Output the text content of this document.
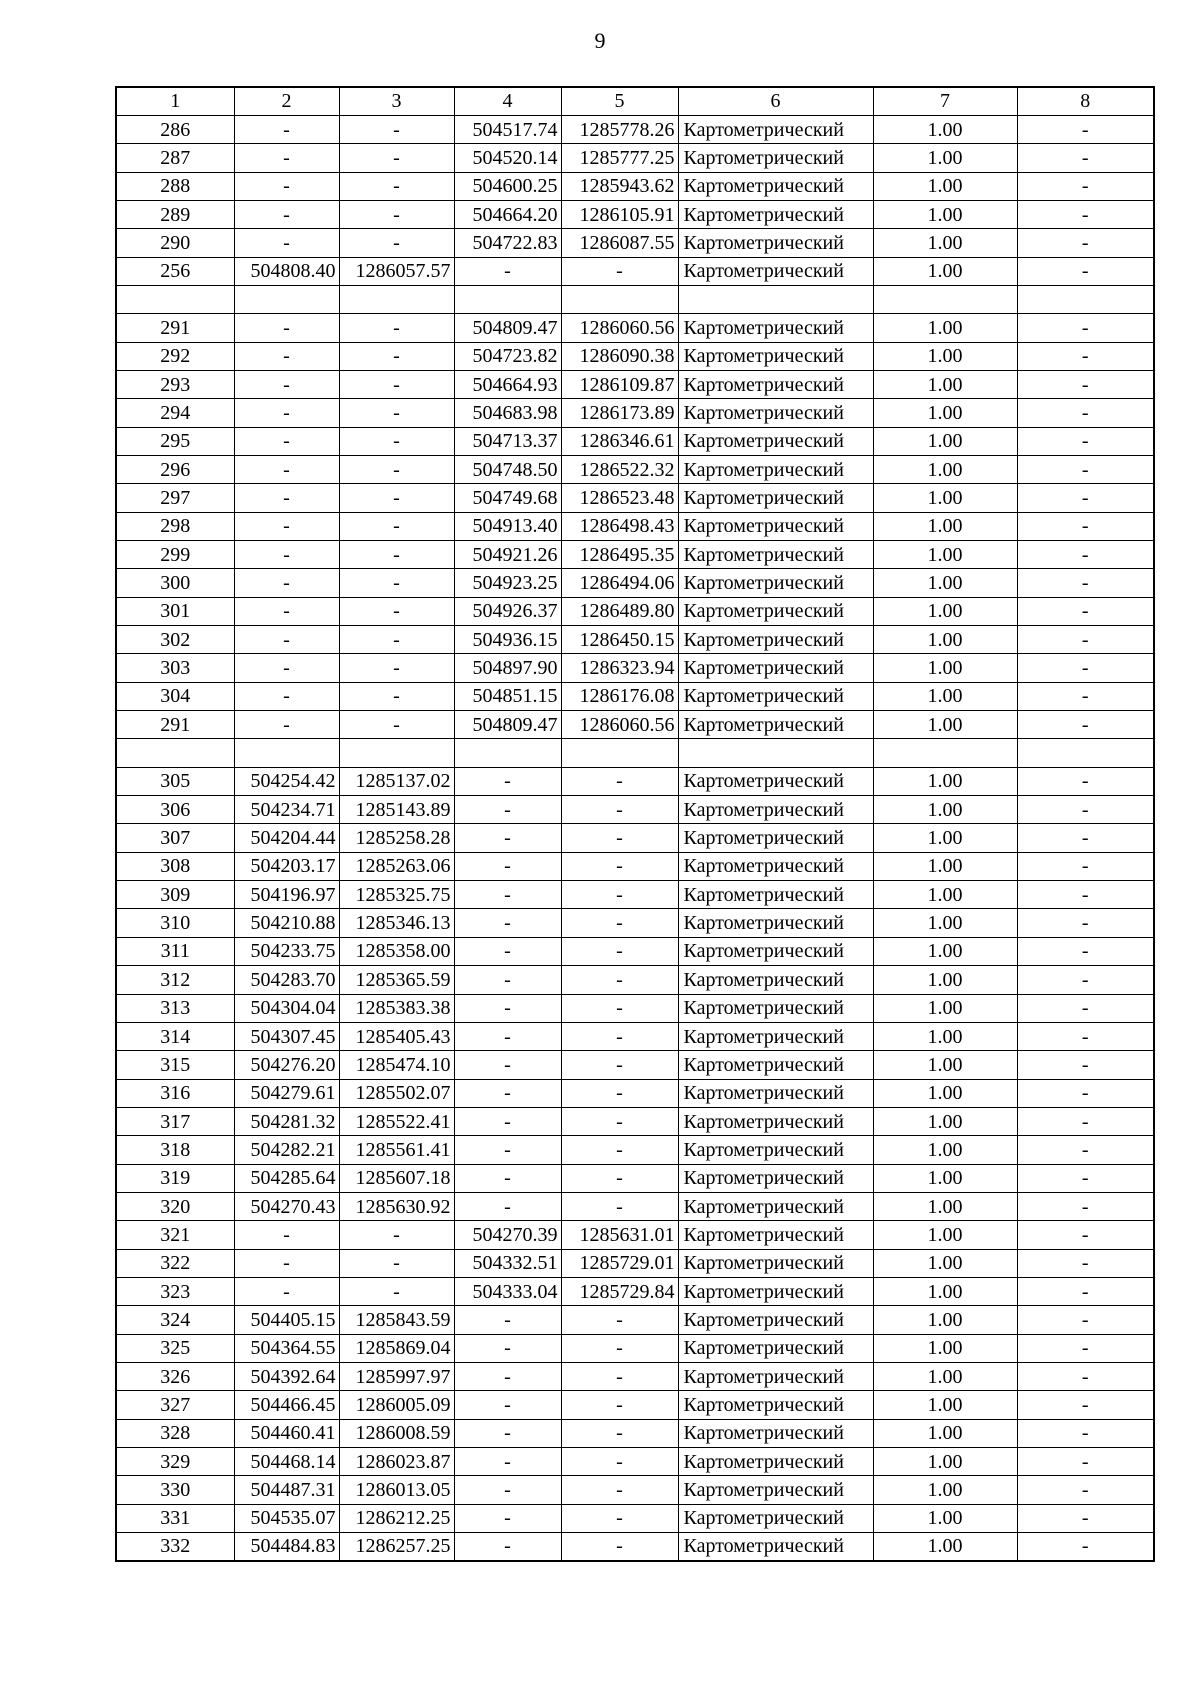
9
1	2	3	4	5	6	7	8
286	-	-	504517.74	1285778.26	Картометрический	1.00	-
287	-	-	504520.14	1285777.25	Картометрический	1.00	-
288	-	-	504600.25	1285943.62	Картометрический	1.00	-
289	-	-	504664.20	1286105.91	Картометрический	1.00	-
290	-	-	504722.83	1286087.55	Картометрический	1.00	-
256	504808.40	1286057.57	-	-	Картометрический	1.00	-

291	-	-	504809.47	1286060.56	Картометрический	1.00	-
292	-	-	504723.82	1286090.38	Картометрический	1.00	-
293	-	-	504664.93	1286109.87	Картометрический	1.00	-
294	-	-	504683.98	1286173.89	Картометрический	1.00	-
295	-	-	504713.37	1286346.61	Картометрический	1.00	-
296	-	-	504748.50	1286522.32	Картометрический	1.00	-
297	-	-	504749.68	1286523.48	Картометрический	1.00	-
298	-	-	504913.40	1286498.43	Картометрический	1.00	-
299	-	-	504921.26	1286495.35	Картометрический	1.00	-
300	-	-	504923.25	1286494.06	Картометрический	1.00	-
301	-	-	504926.37	1286489.80	Картометрический	1.00	-
302	-	-	504936.15	1286450.15	Картометрический	1.00	-
303	-	-	504897.90	1286323.94	Картометрический	1.00	-
304	-	-	504851.15	1286176.08	Картометрический	1.00	-
291	-	-	504809.47	1286060.56	Картометрический	1.00	-

305	504254.42	1285137.02	-	-	Картометрический	1.00	-
306	504234.71	1285143.89	-	-	Картометрический	1.00	-
307	504204.44	1285258.28	-	-	Картометрический	1.00	-
308	504203.17	1285263.06	-	-	Картометрический	1.00	-
309	504196.97	1285325.75	-	-	Картометрический	1.00	-
310	504210.88	1285346.13	-	-	Картометрический	1.00	-
311	504233.75	1285358.00	-	-	Картометрический	1.00	-
312	504283.70	1285365.59	-	-	Картометрический	1.00	-
313	504304.04	1285383.38	-	-	Картометрический	1.00	-
314	504307.45	1285405.43	-	-	Картометрический	1.00	-
315	504276.20	1285474.10	-	-	Картометрический	1.00	-
316	504279.61	1285502.07	-	-	Картометрический	1.00	-
317	504281.32	1285522.41	-	-	Картометрический	1.00	-
318	504282.21	1285561.41	-	-	Картометрический	1.00	-
319	504285.64	1285607.18	-	-	Картометрический	1.00	-
320	504270.43	1285630.92	-	-	Картометрический	1.00	-
321	-	-	504270.39	1285631.01	Картометрический	1.00	-
322	-	-	504332.51	1285729.01	Картометрический	1.00	-
323	-	-	504333.04	1285729.84	Картометрический	1.00	-
324	504405.15	1285843.59	-	-	Картометрический	1.00	-
325	504364.55	1285869.04	-	-	Картометрический	1.00	-
326	504392.64	1285997.97	-	-	Картометрический	1.00	-
327	504466.45	1286005.09	-	-	Картометрический	1.00	-
328	504460.41	1286008.59	-	-	Картометрический	1.00	-
329	504468.14	1286023.87	-	-	Картометрический	1.00	-
330	504487.31	1286013.05	-	-	Картометрический	1.00	-
331	504535.07	1286212.25	-	-	Картометрический	1.00	-
332	504484.83	1286257.25	-	-	Картометрический	1.00	-
